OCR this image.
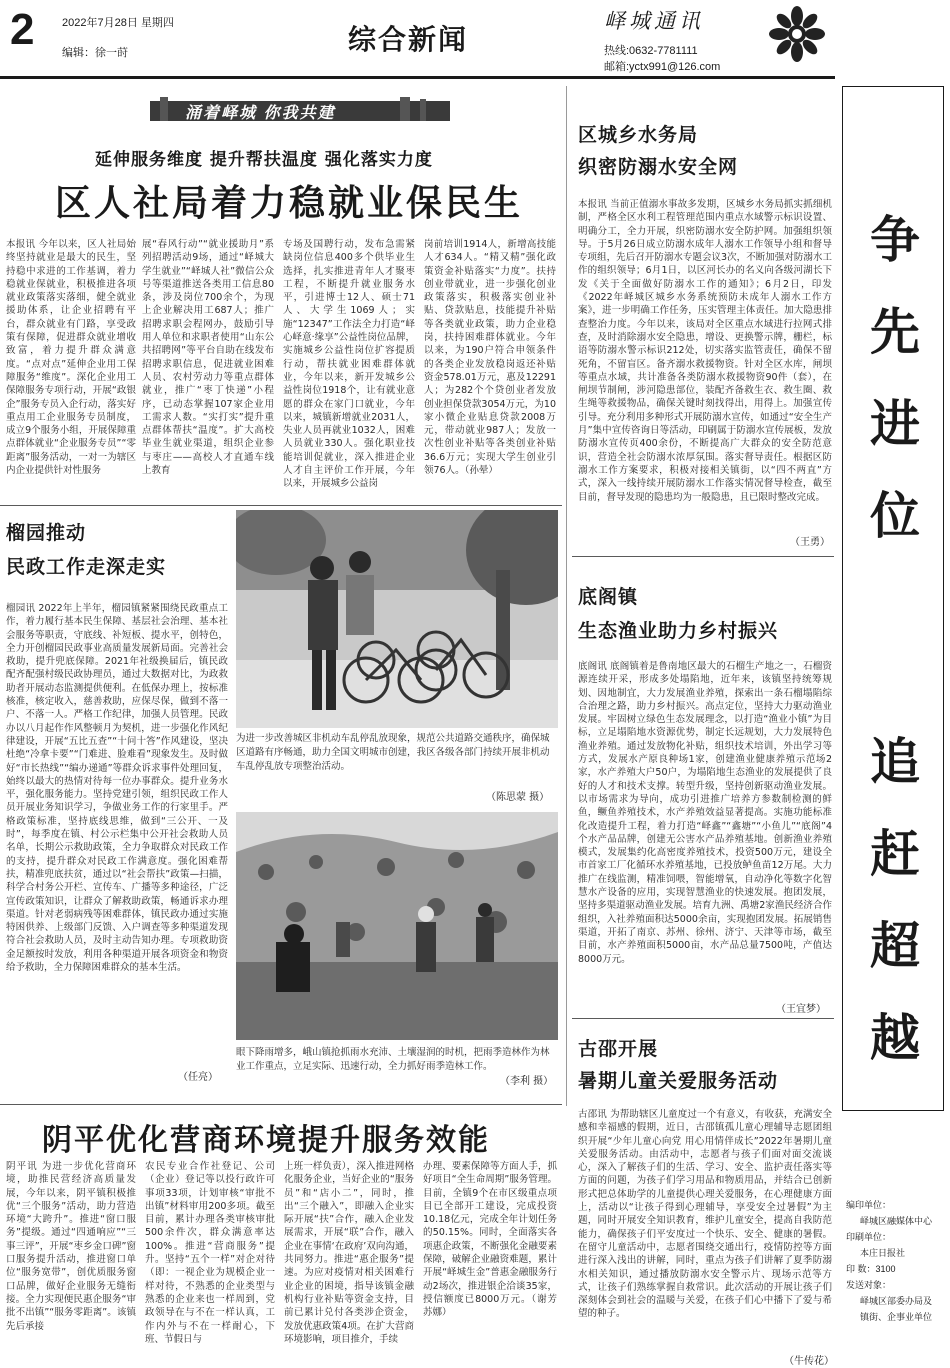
2	2022年7月28日 星期四
编辑：徐一莳	综合新闻
峄城通讯
热线:0632-7781111
邮箱:yctx991@126.com
涌着峄城 你我共建
延伸服务维度 提升帮扶温度 强化落实力度
区人社局着力稳就业保民生
本报讯 今年以来，区人社局始终坚持就业是最大的民生，坚持稳中求进的工作基调，着力稳就业保就业，积极推进各项就业政策落实落细，健全就业援助体系，让企业招聘有平台，群众就业有门路，享受政策有保障，促进群众就业增收致富，着力提升群众满意度。“点对点”延伸企业用工保障服务“维度”。深化企业用工保障服务专项行动，开展“政银企”服务专员入企行动，落实好重点用工企业服务专员制度，成立9个服务小组，开展保障重点群体就业“企业服务专员”“零距离”服务活动，一对一为辖区内企业提供针对性服务
展“春风行动”“就业援助月”系列招聘活动9场，通过“峄城大学生就业”“峄城人社”微信公众号等渠道推送各类用工信息80条，涉及岗位700余个，为现上企业解决用工687人；推广招聘求职会程网办，鼓励引导用人单位和求职者使用“山东公共招聘网”等平台自助在线发布招聘求职信息，促进就业困难人员、农村劳动力等重点群体就业，推广“枣丁快递”小程序，已动态掌握107家企业用工需求人数。“实打实”提升重点群体帮扶“温度”。扩大高校毕业生就业渠道，组织企业参与枣庄——高校人才直通车线上教育
专场及国聘行动，发布急需紧缺岗位信息400多个供毕业生选择，扎实推进青年人才聚枣工程，不断提升就业服务水平，引进博士12人、硕士71人、大学生1069人；实施“12347”工作法全力打造“峄心峄意·缘享”公益性岗位品牌，实施城乡公益性岗位扩容提质行动，帮扶就业困难群体就业，今年以来，新开发城乡公益性岗位1918个，让有就业意愿的群众在家门口就业，今年以来，城镇新增就业2031人，失业人员再就业1032人，困难人员就业330人。强化职业技能培训促就业，深入推进企业人才自主评价工作开展，今年以来，开展城乡公益岗
岗前培训1914人，新增高技能人才634人。“精又精”强化政策资金补贴落实“力度”。扶持创业带就业，进一步强化创业政策落实，积极落实创业补贴、贷款贴息，技能提升补贴等各类就业政策，助力企业稳岗，扶持困难群体就业。今年以来，为190户符合申领条件的各类企业发放稳岗返还补贴资金578.01万元，惠及12291人；为282个个贷创业者发放创业担保贷款3054万元，为10家小微企业贴息贷款2008万元，带动就业987人；发放一次性创业补贴等各类创业补贴36.6万元；实现大学生创业引领76人。（孙晕）
榴园推动
民政工作走深走实
榴园讯 2022年上半年，榴园镇紧紧围绕民政重点工作，着力履行基本民生保障、基层社会治理、基本社会服务等职责，守底线、补短板、提水平，创特色，全力开创榴园民政事业高质量发展新局面。完善社会救助，提升兜底保障。2021年社级换届后，镇民政配齐配强村级民政协理员，通过大数据对比，为政救助者开展动态监测提供便利。在低保办理上，按标准核准，核定收入，慈善救助，应保尽保，做到不落一户、不落一人。严格工作纪律，加强人员管理。民政办以八月起作作风整顿月为契机，进一步强化作风纪律建设，开展“五比五查”“十问十答”作风建设，坚决杜绝“冷拿卡要”“门难进、脸难看”现象发生。及时做好“市长热线”“编办递通”等群众诉求事件处理回复，始终以最大的热情对待每一位办事群众。提升业务水平，强化服务能力。坚持党建引领，组织民政工作人员开展业务知识学习，争做业务工作的行家里手。严格政策标准，坚持底线思维，做到“三公开、一及时”，每季度在镇、村公示栏集中公开社会救助人员名单，长期公示救助政策，全力争取群众对民政工作的支持，提升群众对民政工作满意度。强化困难帮扶，精准兜底扶贫，通过以“社会帮扶”政策—扫描，科学合村务公开栏、宣传车、广播等多种途径，广泛宣传政策知识，让群众了解救助政策，畅通诉求办理渠道。针对老弱病残等困难群体，镇民政办通过实施特困供养、上级部门反馈、入户调查等多种渠道发现符合社会救助人员，及时主动告知办理。专项救助资金足额按时发放，利用各种渠道开展各项资金和物资给予救助，全力保障困难群众的基本生活。
（任亮）
为进一步改善城区非机动车乱停乱放现象，规范公共道路交通秩序，确保城区道路有序畅通，助力全国文明城市创建，我区各级各部门持续开展非机动车乱停乱放专项整治活动。
（陈思蒙 摄）
眼下降雨增多，峨山镇抢抓雨水充沛、土壤湿润的时机，把雨季造林作为林业工作重点，立足实际、迅速行动，全力抓好雨季造林工作。
（李利 摄）
阴平优化营商环境提升服务效能
阴平讯 为进一步优化营商环境，助推民营经济高质量发展，今年以来，阴平镇积极推优“三个服务”活动，助力营造环境“大跨升”。推进“窗口服务”提级。通过“四通响应”“三事三评”，开展“枣乡金口碑”窗口服务提升活动，推进窗口单位“服务宽带”，创优质服务窗口品牌，做好企业服务无缝衔接。全力实现便民惠企服务“审批不出镇”“服务零距离”。该镇先后承接
农民专业合作社登记、公司（企业）登记等以投行政许可事项33项，计划审核“审批不出镇”材料审用200多项。截至目前，累计办理各类审核审批500余件次，群众满意率达100%。推进“营商服务”提升。坚持“五个一样”对企对待（即：一视企业为规模企业一样对待，不熟悉的企业类型与熟悉的企业来也一样周到，党政领导在与不在一样认真，工作内外与不在一样耐心，下班、节假日与
上班一样负责），深入推进网格化服务企业，当好企业的“服务员”和“店小二”，同时，推出“三个融入”，即融入企业实际开展“扶”合作，融入企业发展需求，开展“联”合作，融入企业在事情‘在政府’双向沟通，共同努力。推进“惠企服务”提速。为应对疫情对相关困难行业企业的困境，指导该镇金融机构行业补贴等资金支持，目前已累计兑付各类涉企资金，发放优惠政策4项。在扩大营商环境影响，项目推介，手续
办理、要素保障等方面人手，抓好项目“全生命周期”服务管理。目前，全镇9个在市区级重点项目已全部开工建设，完成投资10.18亿元，完成全年计划任务的50.15%。同时，全面落实各项惠企政策，不断强化金融要素保障，破解企业融资难题，累计开展“峄城生金”普惠金融服务行动2场次，推进银企洽谈35家，授信额度已8000万元。（谢芳 苏娜）
区城乡水务局
织密防溺水安全网
本报讯 当前正值溺水事故多发期，区城乡水务局抓实抓细机制，严格全区水利工程管理范围内重点水域警示标识设置、明确分工，全力开展，织密防溺水安全防护网。加强组织领导。于5月26日成立防溺水成年人溺水工作领导小组和督导专项组，先后召开防溺水专题会议3次，不断加强对防溺水工作的组织领导；6月1日，以区河长办的名义向各级河湖长下发《关于全面做好防溺水工作的通知》；6月2日，印发《2022年峄城区城乡水务系统预防未成年人溺水工作方案》，进一步明确工作任务，压实管理主体责任。加大隐患排查整治力度。今年以来，该局对全区重点水域进行拉网式排查，及时消除溺水安全隐患，增设、更换警示牌，栅栏，标语等防溺水警示标识212处，切实落实监管责任，确保不留死角，不留盲区。备齐溺水救援物资。针对全区水库，闸坝等重点水域，共计准备各类防溺水救援物资90件（套），在闸坝节制闸，涉河隐患部位，装配齐备救生衣、救生圈、救生绳等救援物品，确保关键时刻找得出，用得上。加强宣传引导。充分利用多种形式开展防溺水宣传，如通过“安全生产月”集中宣传咨询日等活动，印刷属于防溺水宣传展板，发放防溺水宣传页400余份，不断提高广大群众的安全防范意识，营造全社会防溺水浓厚氛围。落实督导责任。根据区防溺水工作方案要求，积极对接相关镇街，以“四不两直”方式，深入一线持续开展防溺水工作落实情况督导检查，截至目前，督导发现的隐患均为一般隐患，且已限时整改完成。
（王勇）
底阁镇
生态渔业助力乡村振兴
底阁讯 底阁镇着是鲁南地区最大的石榴生产地之一，石榴资源连续开采，形成多处塌陷地，近年来，该镇坚持统筹规划、因地制宜，大力发展渔业养殖，探索出一条石榴塌陷综合治理之路，助力乡村振兴。高点定位，坚持大力驱动渔业发展。牢固树立绿色生态发展理念，以打造“渔业小镇”为目标，立足塌陷地水资源优势，制定长远规划，大力发展特色渔业养殖。通过发放物化补贴，组织技术培训，外出学习等方式，发展水产原良种场1家，创建渔业健康养殖示范场2家，水产养殖大户50户，为塌陷地生态渔业的发展提供了良好的人才和技术支撑。转型升级，坚持创新驱动渔业发展。以市场需求为导向，成功引进推广培养方参数制检测的鲜鱼，鳜鱼养殖技术，水产养殖效益显著提高。实施功能标准化改造提升工程，着力打造“峄鑫”“鑫塘”“小鱼儿”“底阁”4个水产品品牌，创建无公害水产品养殖基地。创新渔业养殖模式，发展集约化高密度养殖技术，投资500万元，建设全市首家工厂化循环水养殖基地，已投放鲈鱼苗12万尾。大力推广在线监测，精准饲喂，智能增氧，自动净化等数字化智慧水产设备的应用，实现智慧渔业的快速发展。抱团发展，坚持多渠道驱动渔业发展。培育九洲、禹塘2家渔民经济合作组织，入社养殖面积达5000余亩，实现抱团发展。拓展销售渠道，开拓了南京、苏州、徐州、济宁、天津等市场，截至目前，水产养殖面积5000亩，水产品总量7500吨，产值达8000万元。
（王宜梦）
古邵开展
暑期儿童关爱服务活动
古邵讯 为帮助辖区儿童度过一个有意义，有收获，充满安全感和幸福感的假期，近日，古邵镇孤儿童心理辅导志愿团组织开展“少年儿童心向党 用心用情伴成长”2022年暑期儿童关爱服务活动。由活动中，志愿者与孩子们面对面交流谈心，深入了解孩子们的生活、学习、安全、监护责任落实等方面的问题，为孩子们学习用品和物质用品，并结合已创新形式把总体助学的儿童提供心理关爱服务，在心理健康方面上，活动以“让孩子得到心理辅导，享受安全过暑假”为主题，同时开展安全知识教育，维护儿童安全，提高自我防范能力，确保孩子们平安度过一个快乐、安全、健康的暑假。在留守儿童活动中，志愿者围绕交通出行，疫情防控等方面进行深入浅出的讲解，同时，重点为孩子们讲解了夏季防溺水相关知识，通过播放防溺水安全警示片、现场示范等方式，让孩子们熟练掌握自救常识。此次活动的开展让孩子们深刻体会到社会的温暖与关爱，在孩子们心中播下了爱与希望的种子。
（牛传花）
争
先
进
位
追
赶
超
越
编印单位：
峄城区融媒体中心
印刷单位：
本庄日报社
印 数：3100
发送对象：
峄城区部委办局及
镇街、企事业单位
